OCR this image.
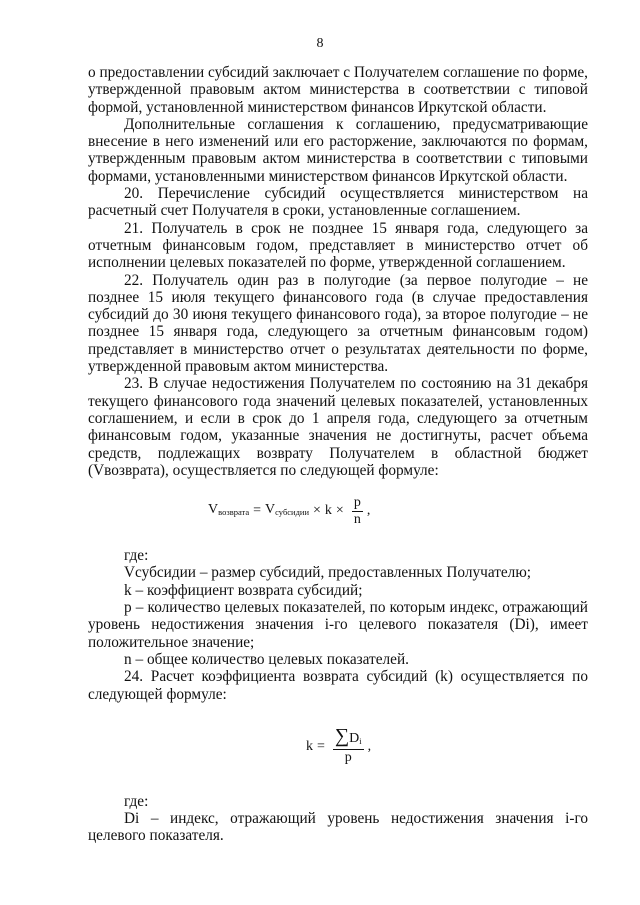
8

о предоставлении субсидий заключает с Получателем соглашение по форме, утвержденной правовым актом министерства в соответствии с типовой формой, установленной министерством финансов Иркутской области.

Дополнительные соглашения к соглашению, предусматривающие внесение в него изменений или его расторжение, заключаются по формам, утвержденным правовым актом министерства в соответствии с типовыми формами, установленными министерством финансов Иркутской области.

20. Перечисление субсидий осуществляется министерством на расчетный счет Получателя в сроки, установленные соглашением.

21. Получатель в срок не позднее 15 января года, следующего за отчетным финансовым годом, представляет в министерство отчет об исполнении целевых показателей по форме, утвержденной соглашением.

22. Получатель один раз в полугодие (за первое полугодие – не позднее 15 июля текущего финансового года (в случае предоставления субсидий до 30 июня текущего финансового года), за второе полугодие – не позднее 15 января года, следующего за отчетным финансовым годом) представляет в министерство отчет о результатах деятельности по форме, утвержденной правовым актом министерства.

23. В случае недостижения Получателем по состоянию на 31 декабря текущего финансового года значений целевых показателей, установленных соглашением, и если в срок до 1 апреля года, следующего за отчетным финансовым годом, указанные значения не достигнуты, расчет объема средств, подлежащих возврату Получателем в областной бюджет (Vвозврата), осуществляется по следующей формуле:

$V_{возврата} = V_{субсидии} \times k \times \frac{p}{n}$ ,

где:

Vсубсидии – размер субсидий, предоставленных Получателю;

k – коэффициент возврата субсидий;

p – количество целевых показателей, по которым индекс, отражающий уровень недостижения значения i-го целевого показателя (Di), имеет положительное значение;

n – общее количество целевых показателей.

24. Расчет коэффициента возврата субсидий (k) осуществляется по следующей формуле:

$k = \frac{\sum D_i}{p}$ ,

где:

Di – индекс, отражающий уровень недостижения значения i-го целевого показателя.
